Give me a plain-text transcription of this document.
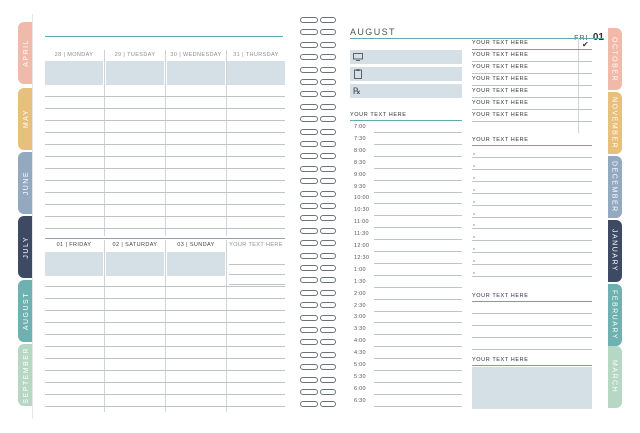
APRIL
MAY
JUNE
JULY
AUGUST
SEPTEMBER
OCTOBER
NOVEMBER
DECEMBER
JANUARY
FEBRUARY
MARCH
28 | MONDAY	29 | TUESDAY	30 | WEDNESDAY	31 | THURSDAY
01 | FRIDAY	02 | SATURDAY	03 | SUNDAY	YOUR TEXT HERE
AUGUST
℞
✔
YOUR TEXT HERE
YOUR TEXT HERE
YOUR TEXT HERE
YOUR TEXT HERE
YOUR TEXT HERE
YOUR TEXT HERE
YOUR TEXT HERE
YOUR TEXT HERE
YOUR TEXT HERE
YOUR TEXT HERE
YOUR TEXT HERE
7:00
7:30
8:00
8:30
9:00
9:30
10:00
10:30
11:00
11:30
12:00
12:30
1:00
1:30
2:00
2:30
3:00
3:30
4:00
4:30
5:00
5:30
6:00
6:30
